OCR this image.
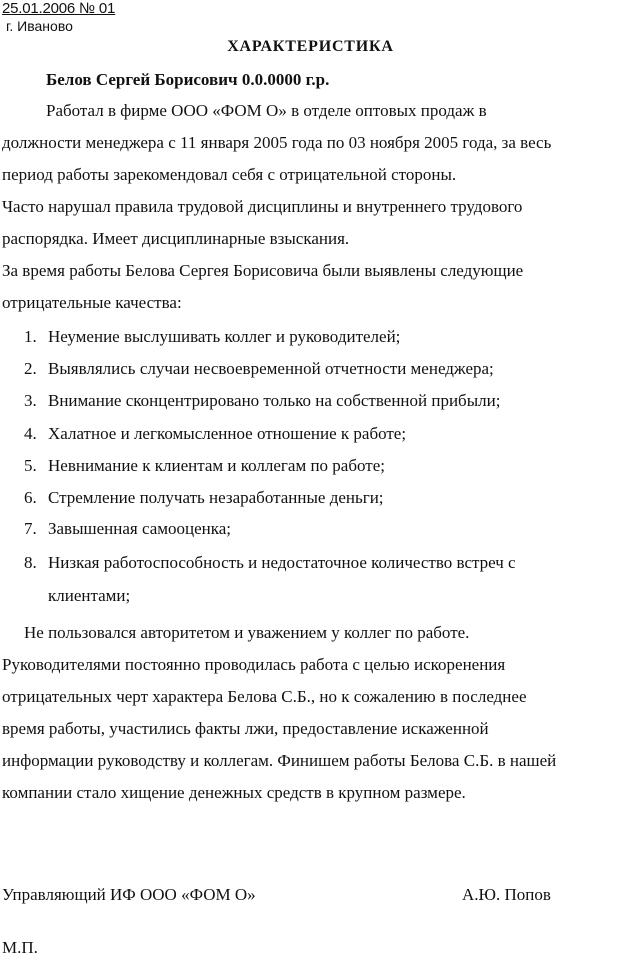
25.01.2006 № 01
г. Иваново
ХАРАКТЕРИСТИКА
Белов Сергей Борисович 0.0.0000 г.р.
Работал в фирме ООО «ФОМ О» в отделе оптовых продаж в
должности менеджера с 11 января 2005 года по 03 ноября 2005 года, за весь
период работы зарекомендовал себя с отрицательной стороны.
Часто нарушал правила трудовой дисциплины и внутреннего трудового
распорядка. Имеет дисциплинарные взыскания.
За время работы Белова Сергея Борисовича были выявлены следующие
отрицательные качества:
1. Неумение выслушивать коллег и руководителей;
2. Выявлялись случаи несвоевременной отчетности менеджера;
3. Внимание сконцентрировано только на собственной прибыли;
4. Халатное и легкомысленное отношение к работе;
5. Невнимание к клиентам и коллегам по работе;
6. Стремление получать незаработанные деньги;
7. Завышенная самооценка;
8. Низкая работоспособность и недостаточное количество встреч с
клиентами;
Не пользовался авторитетом и уважением у коллег по работе.
Руководителями постоянно проводилась работа с целью искоренения
отрицательных черт характера Белова С.Б., но к сожалению в последнее
время работы, участились факты лжи, предоставление искаженной
информации руководству и коллегам. Финишем работы Белова С.Б. в нашей
компании стало хищение денежных средств в крупном размере.
Управляющий ИФ ООО «ФОМ О»	А.Ю. Попов
М.П.
